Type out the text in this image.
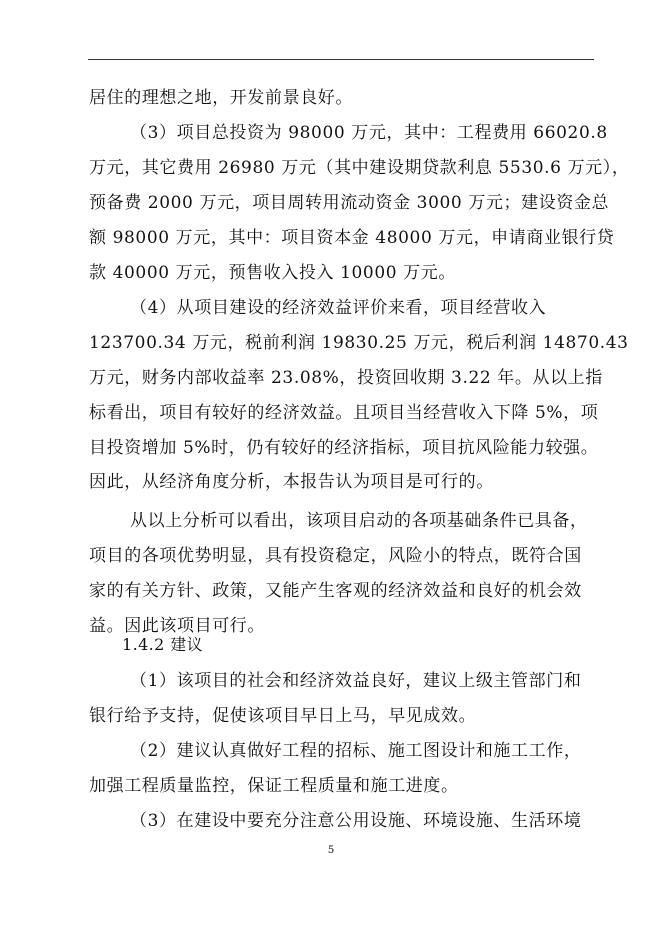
居住的理想之地，开发前景良好。
（3）项目总投资为 98000 万元，其中：工程费用 66020.8
万元，其它费用 26980 万元（其中建设期贷款利息 5530.6 万元），
预备费 2000 万元，项目周转用流动资金 3000 万元；建设资金总
额 98000 万元，其中：项目资本金 48000 万元，申请商业银行贷
款 40000 万元，预售收入投入 10000 万元。
（4）从项目建设的经济效益评价来看，项目经营收入
123700.34 万元，税前利润 19830.25 万元，税后利润 14870.43
万元，财务内部收益率 23.08%，投资回收期 3.22 年。从以上指
标看出，项目有较好的经济效益。且项目当经营收入下降 5%，项
目投资增加 5%时，仍有较好的经济指标，项目抗风险能力较强。
因此，从经济角度分析，本报告认为项目是可行的。
从以上分析可以看出，该项目启动的各项基础条件已具备，
项目的各项优势明显，具有投资稳定，风险小的特点，既符合国
家的有关方针、政策，又能产生客观的经济效益和良好的机会效
益。因此该项目可行。
1.4.2 建议
（1）该项目的社会和经济效益良好，建议上级主管部门和
银行给予支持，促使该项目早日上马，早见成效。
（2）建议认真做好工程的招标、施工图设计和施工工作，
加强工程质量监控，保证工程质量和施工进度。
（3）在建设中要充分注意公用设施、环境设施、生活环境
5
